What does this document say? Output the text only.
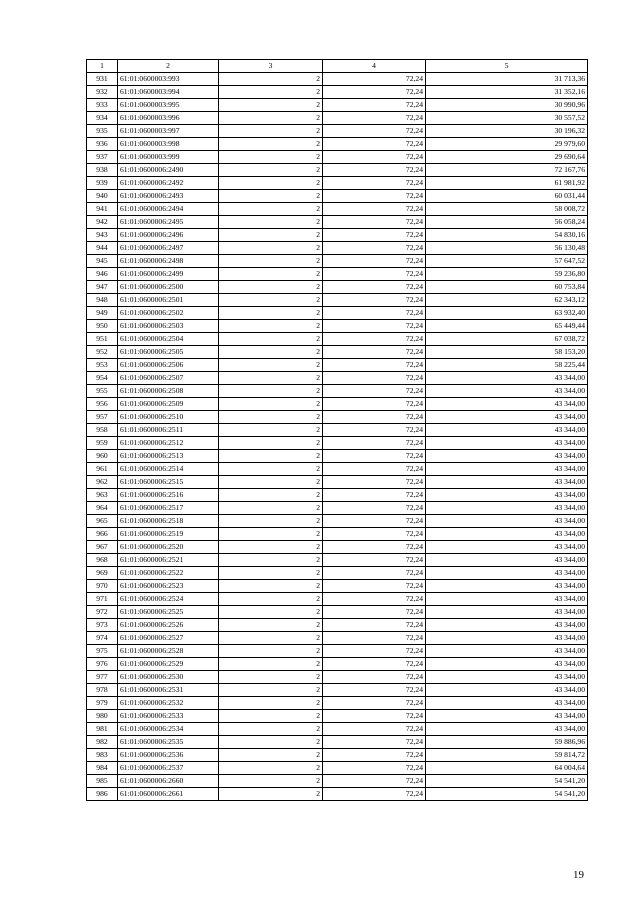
1	2	3	4	5
931	61:01:0600003:993	2	72,24	31 713,36
932	61:01:0600003:994	2	72,24	31 352,16
933	61:01:0600003:995	2	72,24	30 990,96
934	61:01:0600003:996	2	72,24	30 557,52
935	61:01:0600003:997	2	72,24	30 196,32
936	61:01:0600003:998	2	72,24	29 979,60
937	61:01:0600003:999	2	72,24	29 690,64
938	61:01:0600006:2490	2	72,24	72 167,76
939	61:01:0600006:2492	2	72,24	61 981,92
940	61:01:0600006:2493	2	72,24	60 031,44
941	61:01:0600006:2494	2	72,24	58 008,72
942	61:01:0600006:2495	2	72,24	56 058,24
943	61:01:0600006:2496	2	72,24	54 830,16
944	61:01:0600006:2497	2	72,24	56 130,48
945	61:01:0600006:2498	2	72,24	57 647,52
946	61:01:0600006:2499	2	72,24	59 236,80
947	61:01:0600006:2500	2	72,24	60 753,84
948	61:01:0600006:2501	2	72,24	62 343,12
949	61:01:0600006:2502	2	72,24	63 932,40
950	61:01:0600006:2503	2	72,24	65 449,44
951	61:01:0600006:2504	2	72,24	67 038,72
952	61:01:0600006:2505	2	72,24	58 153,20
953	61:01:0600006:2506	2	72,24	58 225,44
954	61:01:0600006:2507	2	72,24	43 344,00
955	61:01:0600006:2508	2	72,24	43 344,00
956	61:01:0600006:2509	2	72,24	43 344,00
957	61:01:0600006:2510	2	72,24	43 344,00
958	61:01:0600006:2511	2	72,24	43 344,00
959	61:01:0600006:2512	2	72,24	43 344,00
960	61:01:0600006:2513	2	72,24	43 344,00
961	61:01:0600006:2514	2	72,24	43 344,00
962	61:01:0600006:2515	2	72,24	43 344,00
963	61:01:0600006:2516	2	72,24	43 344,00
964	61:01:0600006:2517	2	72,24	43 344,00
965	61:01:0600006:2518	2	72,24	43 344,00
966	61:01:0600006:2519	2	72,24	43 344,00
967	61:01:0600006:2520	2	72,24	43 344,00
968	61:01:0600006:2521	2	72,24	43 344,00
969	61:01:0600006:2522	2	72,24	43 344,00
970	61:01:0600006:2523	2	72,24	43 344,00
971	61:01:0600006:2524	2	72,24	43 344,00
972	61:01:0600006:2525	2	72,24	43 344,00
973	61:01:0600006:2526	2	72,24	43 344,00
974	61:01:0600006:2527	2	72,24	43 344,00
975	61:01:0600006:2528	2	72,24	43 344,00
976	61:01:0600006:2529	2	72,24	43 344,00
977	61:01:0600006:2530	2	72,24	43 344,00
978	61:01:0600006:2531	2	72,24	43 344,00
979	61:01:0600006:2532	2	72,24	43 344,00
980	61:01:0600006:2533	2	72,24	43 344,00
981	61:01:0600006:2534	2	72,24	43 344,00
982	61:01:0600006:2535	2	72,24	59 886,96
983	61:01:0600006:2536	2	72,24	59 814,72
984	61:01:0600006:2537	2	72,24	64 004,64
985	61:01:0600006:2660	2	72,24	54 541,20
986	61:01:0600006:2661	2	72,24	54 541,20
19
